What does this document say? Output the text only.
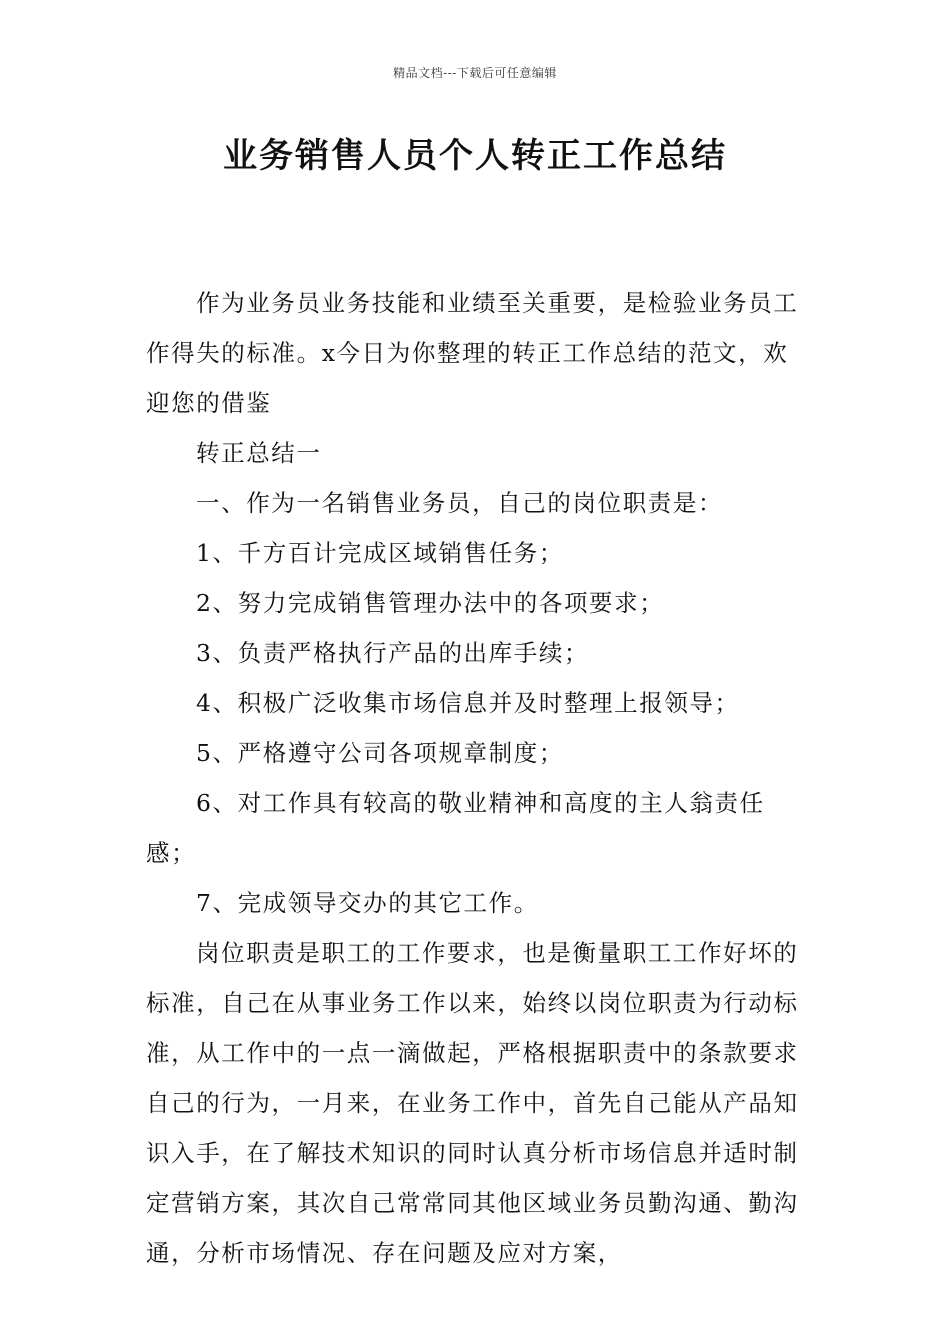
精品文档---下载后可任意编辑
业务销售人员个人转正工作总结

作为业务员业务技能和业绩至关重要，是检验业务员工作得失的标准。x今日为你整理的转正工作总结的范文，欢迎您的借鉴

转正总结一

一、作为一名销售业务员，自己的岗位职责是：

1、千方百计完成区域销售任务；

2、努力完成销售管理办法中的各项要求；

3、负责严格执行产品的出库手续；

4、积极广泛收集市场信息并及时整理上报领导；

5、严格遵守公司各项规章制度；

6、对工作具有较高的敬业精神和高度的主人翁责任感；

7、完成领导交办的其它工作。

岗位职责是职工的工作要求，也是衡量职工工作好坏的标准，自己在从事业务工作以来，始终以岗位职责为行动标准，从工作中的一点一滴做起，严格根据职责中的条款要求自己的行为，一月来，在业务工作中，首先自己能从产品知识入手，在了解技术知识的同时认真分析市场信息并适时制定营销方案，其次自己常常同其他区域业务员勤沟通、勤沟通，分析市场情况、存在问题及应对方案，
